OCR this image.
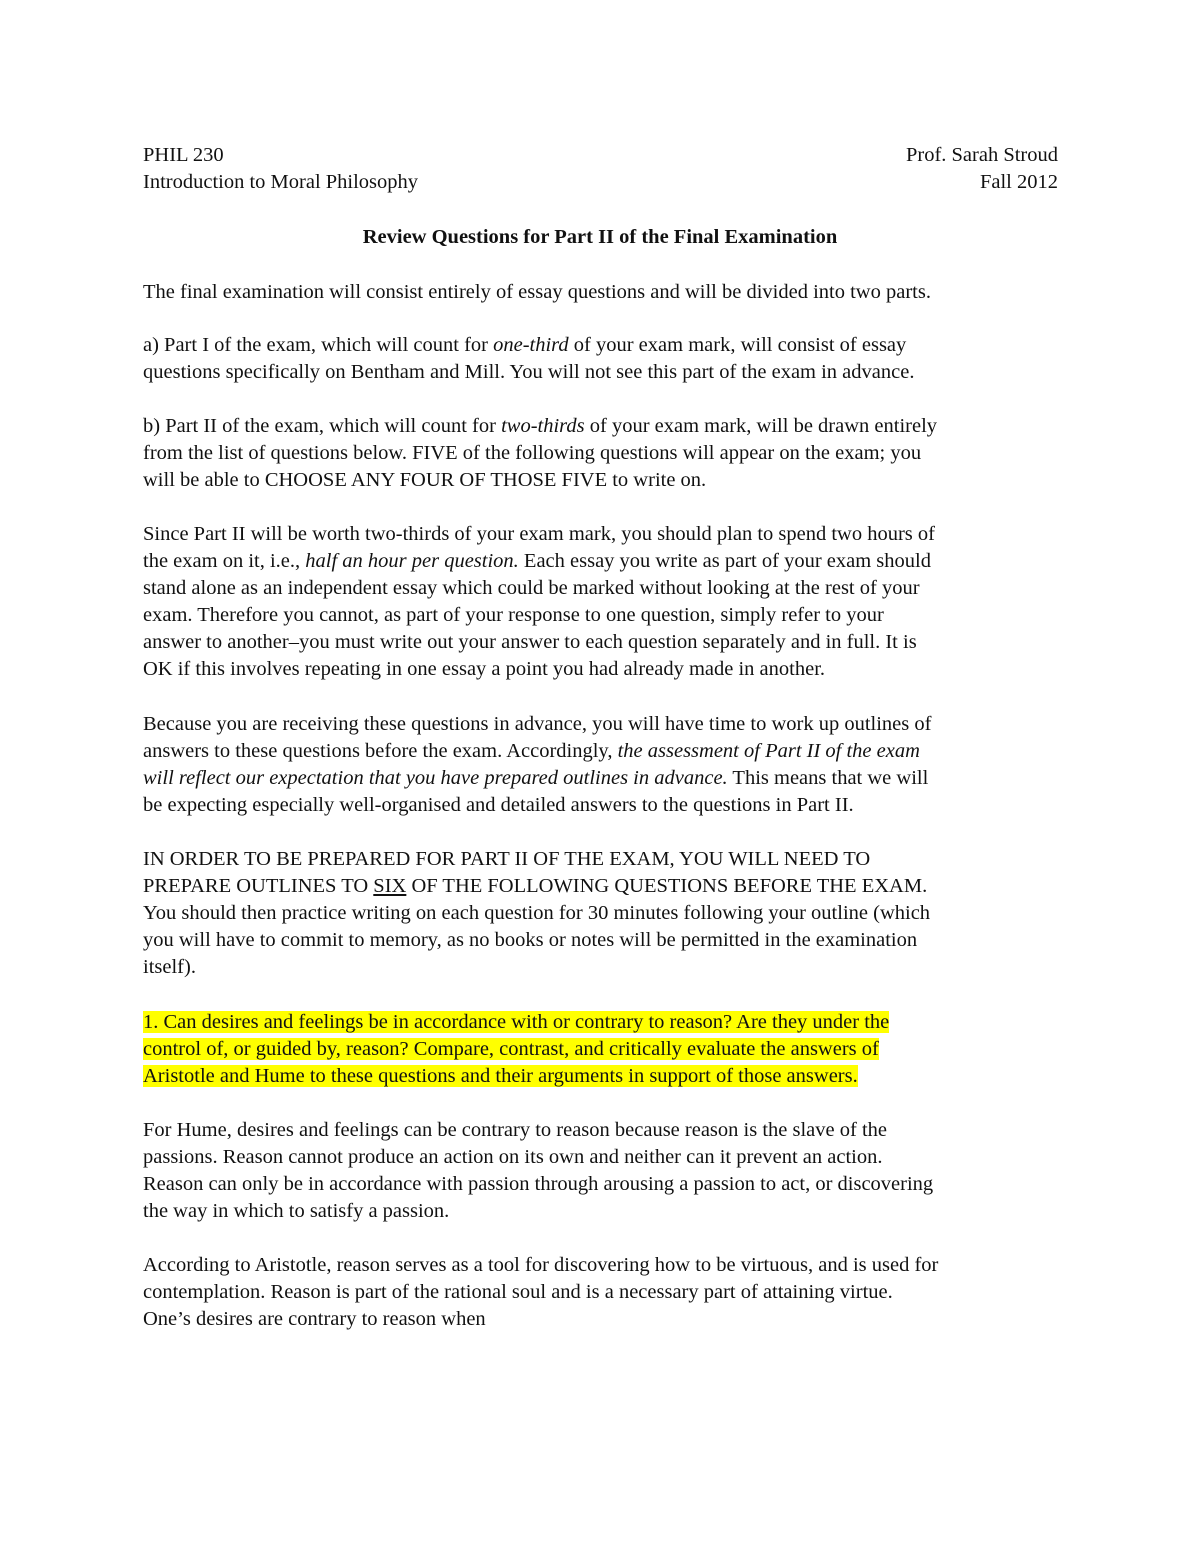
PHIL 230	Prof. Sarah Stroud
Introduction to Moral Philosophy	Fall 2012
Review Questions for Part II of the Final Examination
The final examination will consist entirely of essay questions and will be divided into two parts.
a) Part I of the exam, which will count for one-third of your exam mark, will consist of essay
questions specifically on Bentham and Mill. You will not see this part of the exam in advance.
b) Part II of the exam, which will count for two-thirds of your exam mark, will be drawn entirely
from the list of questions below. FIVE of the following questions will appear on the exam; you
will be able to CHOOSE ANY FOUR OF THOSE FIVE to write on.
Since Part II will be worth two-thirds of your exam mark, you should plan to spend two hours of
the exam on it, i.e., half an hour per question. Each essay you write as part of your exam should
stand alone as an independent essay which could be marked without looking at the rest of your
exam. Therefore you cannot, as part of your response to one question, simply refer to your
answer to another–you must write out your answer to each question separately and in full. It is
OK if this involves repeating in one essay a point you had already made in another.
Because you are receiving these questions in advance, you will have time to work up outlines of
answers to these questions before the exam. Accordingly, the assessment of Part II of the exam
will reflect our expectation that you have prepared outlines in advance. This means that we will
be expecting especially well-organised and detailed answers to the questions in Part II.
IN ORDER TO BE PREPARED FOR PART II OF THE EXAM, YOU WILL NEED TO
PREPARE OUTLINES TO SIX OF THE FOLLOWING QUESTIONS BEFORE THE EXAM.
You should then practice writing on each question for 30 minutes following your outline (which
you will have to commit to memory, as no books or notes will be permitted in the examination
itself).
1. Can desires and feelings be in accordance with or contrary to reason? Are they under the
control of, or guided by, reason? Compare, contrast, and critically evaluate the answers of
Aristotle and Hume to these questions and their arguments in support of those answers.
For Hume, desires and feelings can be contrary to reason because reason is the slave of the
passions. Reason cannot produce an action on its own and neither can it prevent an action.
Reason can only be in accordance with passion through arousing a passion to act, or discovering
the way in which to satisfy a passion.
According to Aristotle, reason serves as a tool for discovering how to be virtuous, and is used for
contemplation. Reason is part of the rational soul and is a necessary part of attaining virtue.
One’s desires are contrary to reason when
